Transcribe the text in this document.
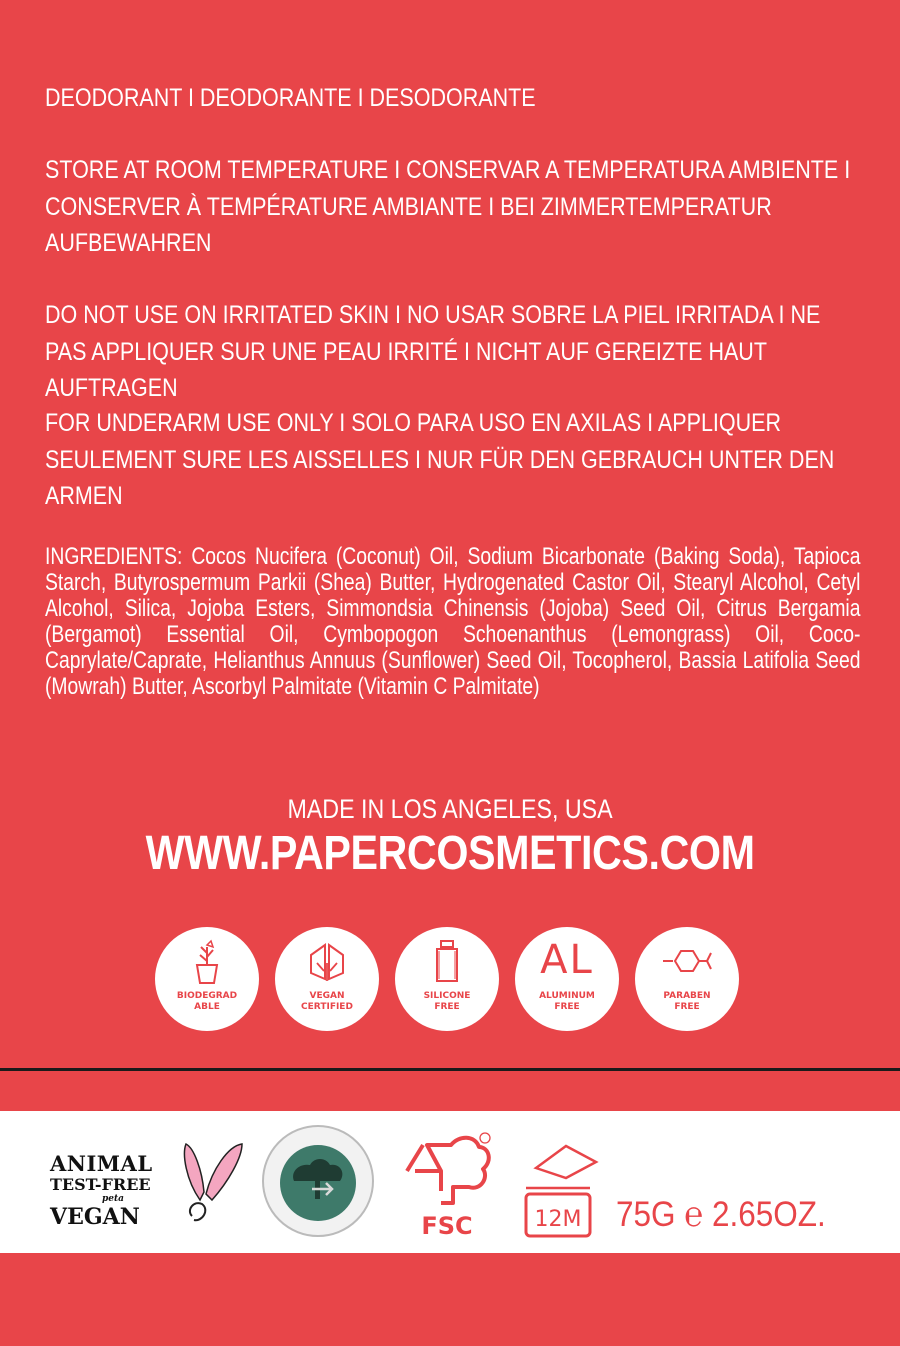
DEODORANT I DEODORANTE I DESODORANTE

STORE AT ROOM TEMPERATURE I CONSERVAR A TEMPERATURA AMBIENTE I CONSERVER À TEMPÉRATURE AMBIANTE I BEI ZIMMERTEMPERATUR AUFBEWAHREN

DO NOT USE ON IRRITATED SKIN I NO USAR SOBRE LA PIEL IRRITADA I NE PAS APPLIQUER SUR UNE PEAU IRRITÉ I NICHT AUF GEREIZTE HAUT AUFTRAGEN

FOR UNDERARM USE ONLY I SOLO PARA USO EN AXILAS I APPLIQUER SEULEMENT SURE LES AISSELLES I NUR FÜR DEN GEBRAUCH UNTER DEN ARMEN

INGREDIENTS: Cocos Nucifera (Coconut) Oil, Sodium Bicarbonate (Baking Soda), Tapioca Starch, Butyrospermum Parkii (Shea) Butter, Hydrogenated Castor Oil, Stearyl Alcohol, Cetyl Alcohol, Silica, Jojoba Esters, Simmondsia Chinensis (Jojoba) Seed Oil, Citrus Bergamia (Bergamot) Essential Oil, Cymbopogon Schoenanthus (Lemongrass) Oil, Coco-Caprylate/Caprate, Helianthus Annuus (Sunflower) Seed Oil, Tocopherol, Bassia Latifolia Seed (Mowrah) Butter, Ascorbyl Palmitate (Vitamin C Palmitate)

MADE IN LOS ANGELES, USA
WWW.PAPERCOSMETICS.COM
BIODEGRAD
ABLE
VEGAN
CERTIFIED
SILICONE
FREE
AL
ALUMINUM
FREE
PARABEN
FREE
ANIMAL
TEST-FREE
peta
VEGAN	FSC	12M 75G ℮ 2.65OZ.
